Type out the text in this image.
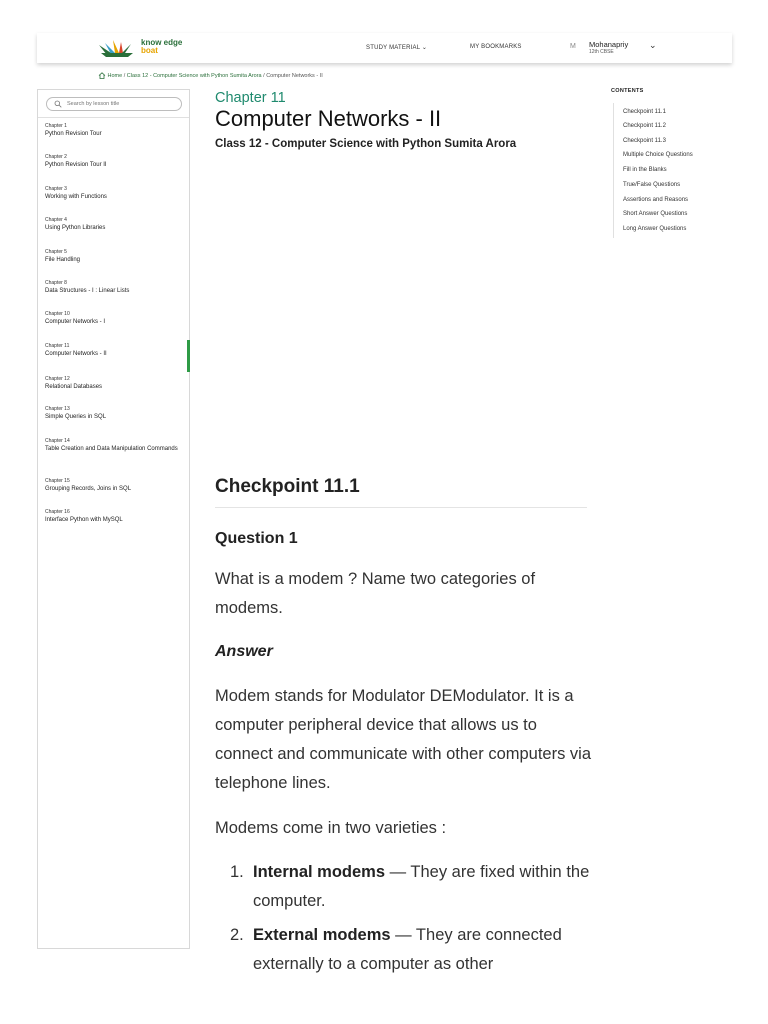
know edge
boat	STUDY MATERIAL ⌄	MY BOOKMARKS	M Mohanapriy
12th CBSE
⌄
Home / Class 12 - Computer Science with Python Sumita Arora / Computer Networks - II
Search by lesson title
Chapter 1
Python Revision Tour
Chapter 2
Python Revision Tour II
Chapter 3
Working with Functions
Chapter 4
Using Python Libraries
Chapter 5
File Handling
Chapter 8
Data Structures - I : Linear Lists
Chapter 10
Computer Networks - I
Chapter 11
Computer Networks - II
Chapter 12
Relational Databases
Chapter 13
Simple Queries in SQL
Chapter 14
Table Creation and Data Manipulation Commands
Chapter 15
Grouping Records, Joins in SQL
Chapter 16
Interface Python with MySQL
Chapter 11
Computer Networks - II
Class 12 - Computer Science with Python Sumita Arora
Checkpoint 11.1
Question 1
What is a modem ? Name two categories of modems.
Answer
Modem stands for Modulator DEModulator. It is a computer peripheral device that allows us to connect and communicate with other computers via telephone lines.
Modems come in two varieties :
1. Internal modems — They are fixed within the computer.
2. External modems — They are connected externally to a computer as other
CONTENTS
Checkpoint 11.1
Checkpoint 11.2
Checkpoint 11.3
Multiple Choice Questions
Fill in the Blanks
True/False Questions
Assertions and Reasons
Short Answer Questions
Long Answer Questions
